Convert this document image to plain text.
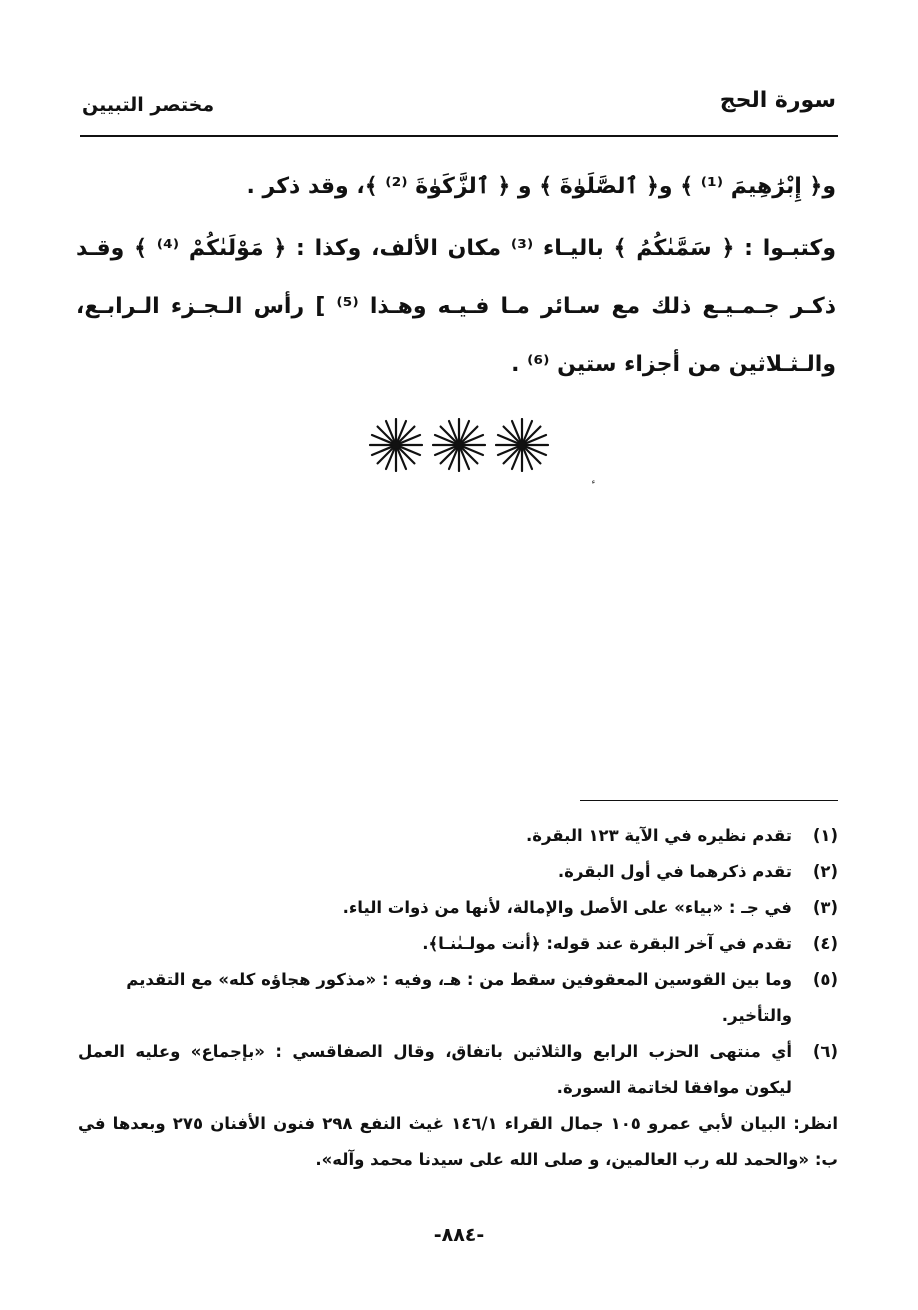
سورة الحج
مختصر التبيين

و﴿ إِبْرَٰهِيمَ ⁽¹⁾ ﴾ و﴿ ٱلصَّلَوٰةَ ﴾ و ﴿ ٱلزَّكَوٰةَ ⁽²⁾ ﴾، وقد ذكر .

وكتبـوا : ﴿ سَمَّىٰكُمُ ﴾ باليـاء ⁽³⁾ مكان الألف، وكذا : ﴿ مَوْلَىٰكُمْ ⁽⁴⁾ ﴾ وقـد ذكـر جـمـيـع ذلك مع سـائر مـا فـيـه وهـذا ⁽⁵⁾ ] رأس الـجـزء الـرابـع، والـثـلاثين من أجزاء ستين ⁽⁶⁾ .

(١)
تقدم نظيره في الآية ١٢٣ البقرة.
(٢)
تقدم ذكرهما في أول البقرة.
(٣)
في جـ : «بياء» على الأصل والإمالة، لأنها من ذوات الياء.
(٤)
تقدم في آخر البقرة عند قوله: ﴿أنت مولـىٰنـا﴾.
(٥)
وما بين القوسين المعقوفين سقط من : هـ، وفيه : «مذكور هجاؤه كله» مع التقديم والتأخير.
(٦)
أي منتهى الحزب الرابع والثلاثين باتفاق، وقال الصفاقسي : «بإجماع» وعليه العمل ليكون موافقا لخاتمة السورة.
انظر: البيان لأبي عمرو ١٠٥ جمال القراء ١٤٦/١ غيث النفع ٢٩٨ فنون الأفنان ٢٧٥ وبعدها في ب: «والحمد لله رب العالمين، و صلى الله على سيدنا محمد وآله».
-٨٨٤-
